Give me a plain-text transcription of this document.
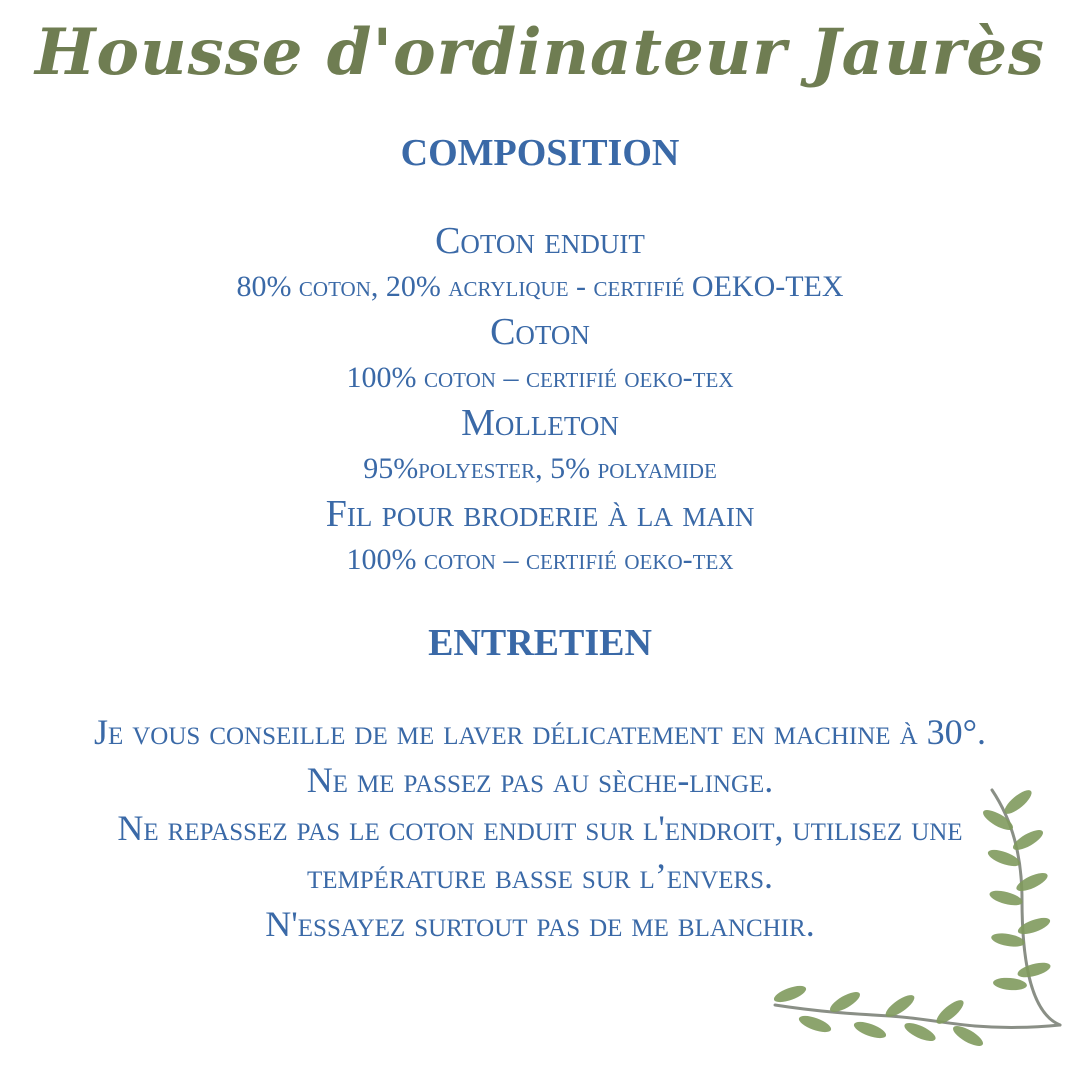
Housse d'ordinateur Jaurès
COMPOSITION

Coton enduit

80% coton, 20% acrylique - certifié OEKO-TEX

Coton

100% coton – certifié oeko-tex

Molleton

95%polyester, 5% polyamide

Fil pour broderie à la main

100% coton – certifié oeko-tex

ENTRETIEN

Je vous conseille de me laver délicatement en machine à 30°.

Ne me passez pas au sèche-linge.

Ne repassez pas le coton enduit sur l'endroit, utilisez une température basse sur l’envers.

N'essayez surtout pas de me blanchir.
